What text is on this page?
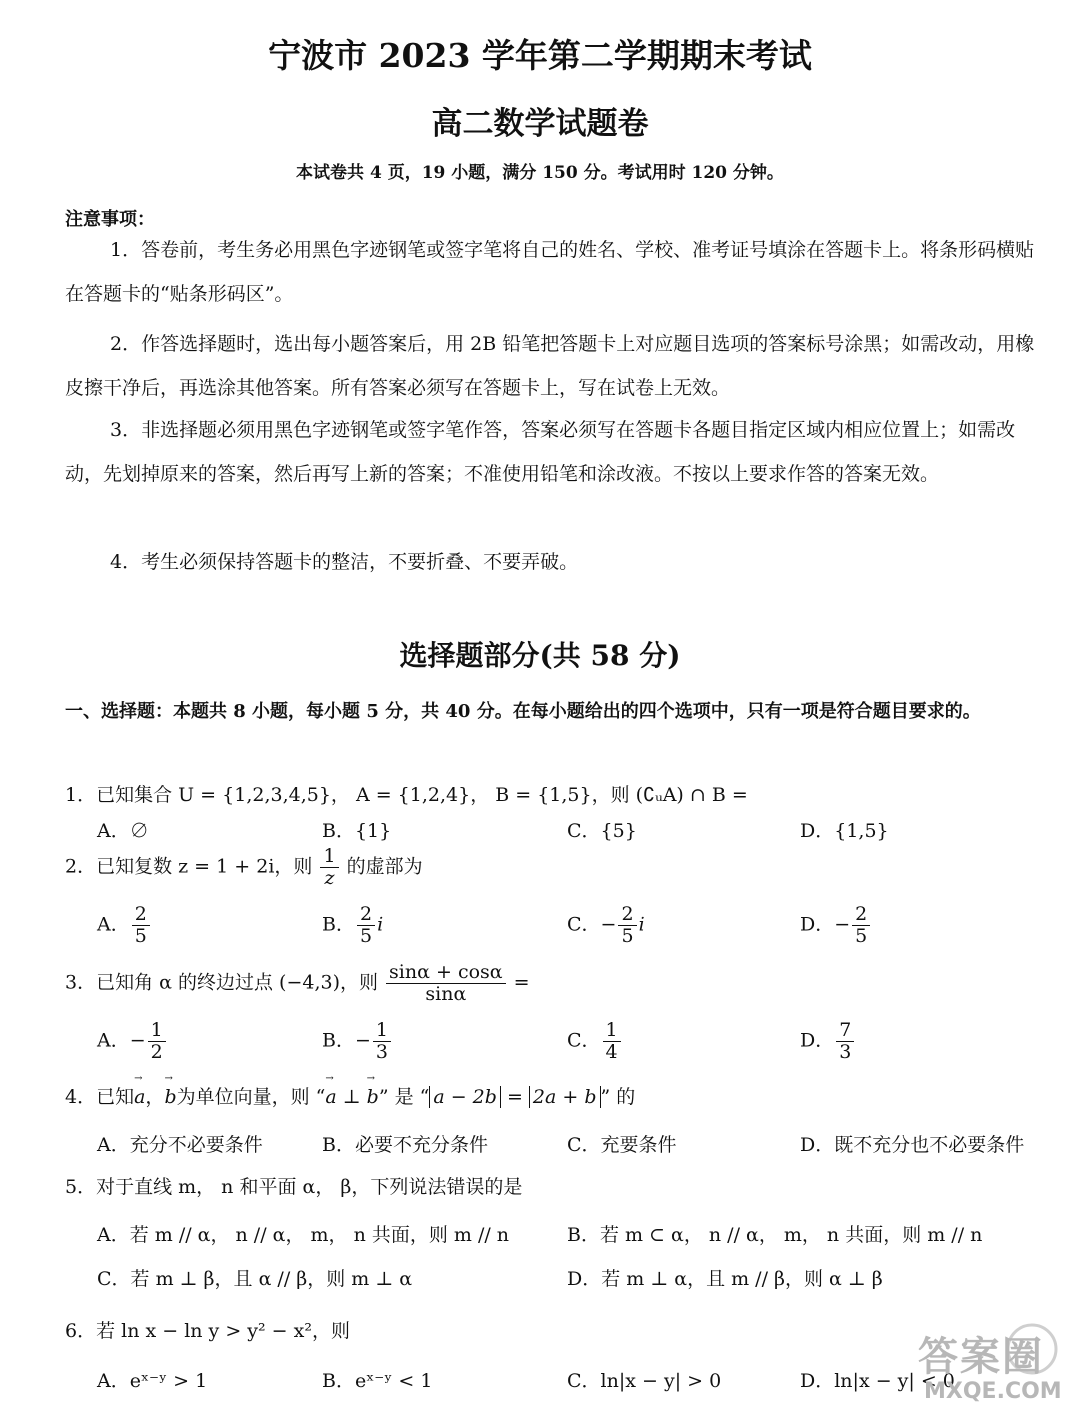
宁波市 2023 学年第二学期期末考试
高二数学试题卷
本试卷共 4 页，19 小题，满分 150 分。考试用时 120 分钟。
注意事项：
1．答卷前，考生务必用黑色字迹钢笔或签字笔将自己的姓名、学校、准考证号填涂在答题卡上。将条形码横贴在答题卡的“贴条形码区”。
2．作答选择题时，选出每小题答案后，用 2B 铅笔把答题卡上对应题目选项的答案标号涂黑；如需改动，用橡皮擦干净后，再选涂其他答案。所有答案必须写在答题卡上，写在试卷上无效。
3．非选择题必须用黑色字迹钢笔或签字笔作答，答案必须写在答题卡各题目指定区域内相应位置上；如需改动，先划掉原来的答案，然后再写上新的答案；不准使用铅笔和涂改液。不按以上要求作答的答案无效。
4．考生必须保持答题卡的整洁，不要折叠、不要弄破。
选择题部分(共 58 分)
一、选择题：本题共 8 小题，每小题 5 分，共 40 分。在每小题给出的四个选项中，只有一项是符合题目要求的。
1．已知集合 U = {1,2,3,4,5}， A = {1,2,4}， B = {1,5}，则 (∁ᵤA) ∩ B =
A．∅	B．{1}	C．{5}	D．{1,5}
2．已知复数 z = 1 + 2i，则 $\frac{1}{z}$ 的虚部为
A． $\frac{2}{5}$	B． $\frac{2}{5}$ i	C．− $\frac{2}{5}$ i	D．− $\frac{2}{5}$
3．已知角 α 的终边过点 (−4,3)，则 $\frac{\sin\alpha + \cos\alpha}{\sin\alpha}$ =
A．− $\frac{1}{2}$	B．− $\frac{1}{3}$	C． $\frac{1}{4}$	D． $\frac{7}{3}$
4．已知→ a，→ b为单位向量，则 “→ a ⊥ → b” 是 “ a − 2b = 2a + b ” 的
A．充分不必要条件	B．必要不充分条件	C．充要条件	D．既不充分也不必要条件
5．对于直线 m， n 和平面 α， β，下列说法错误的是
A．若 m // α， n // α， m， n 共面，则 m // n	B．若 m ⊂ α， n // α， m， n 共面，则 m // n
C．若 m ⊥ β，且 α // β，则 m ⊥ α	D．若 m ⊥ α，且 m // β，则 α ⊥ β
6．若 ln x − ln y > y² − x²，则
A．eˣ⁻ʸ > 1	B．eˣ⁻ʸ < 1	C．ln|x − y| > 0	D．ln|x − y| < 0
答案圈
MXQE.COM
